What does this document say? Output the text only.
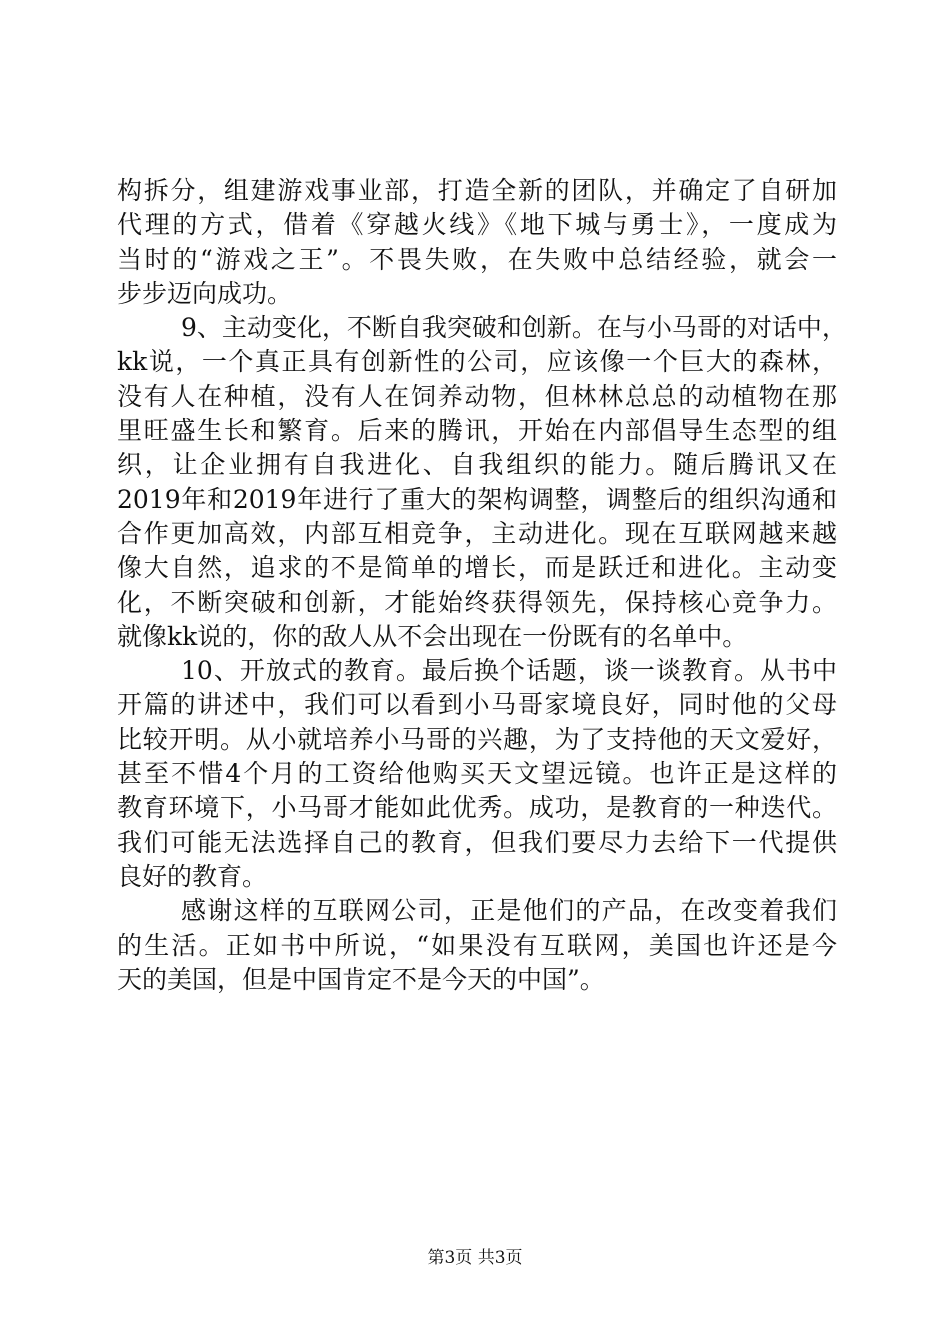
构拆分，组建游戏事业部，打造全新的团队，并确定了自研加
代理的方式，借着《穿越火线》《地下城与勇士》，一度成为
当时的“游戏之王”。不畏失败，在失败中总结经验，就会一
步步迈向成功。
9、主动变化，不断自我突破和创新。在与小马哥的对话中，
kk说，一个真正具有创新性的公司，应该像一个巨大的森林，
没有人在种植，没有人在饲养动物，但林林总总的动植物在那
里旺盛生长和繁育。后来的腾讯，开始在内部倡导生态型的组
织，让企业拥有自我进化、自我组织的能力。随后腾讯又在
2019年和2019年进行了重大的架构调整，调整后的组织沟通和
合作更加高效，内部互相竞争，主动进化。现在互联网越来越
像大自然，追求的不是简单的增长，而是跃迁和进化。主动变
化，不断突破和创新，才能始终获得领先，保持核心竞争力。
就像kk说的，你的敌人从不会出现在一份既有的名单中。
10、开放式的教育。最后换个话题，谈一谈教育。从书中
开篇的讲述中，我们可以看到小马哥家境良好，同时他的父母
比较开明。从小就培养小马哥的兴趣，为了支持他的天文爱好，
甚至不惜4个月的工资给他购买天文望远镜。也许正是这样的
教育环境下，小马哥才能如此优秀。成功，是教育的一种迭代。
我们可能无法选择自己的教育，但我们要尽力去给下一代提供
良好的教育。
感谢这样的互联网公司，正是他们的产品，在改变着我们
的生活。正如书中所说，“如果没有互联网，美国也许还是今
天的美国，但是中国肯定不是今天的中国”。
第3页 共3页
